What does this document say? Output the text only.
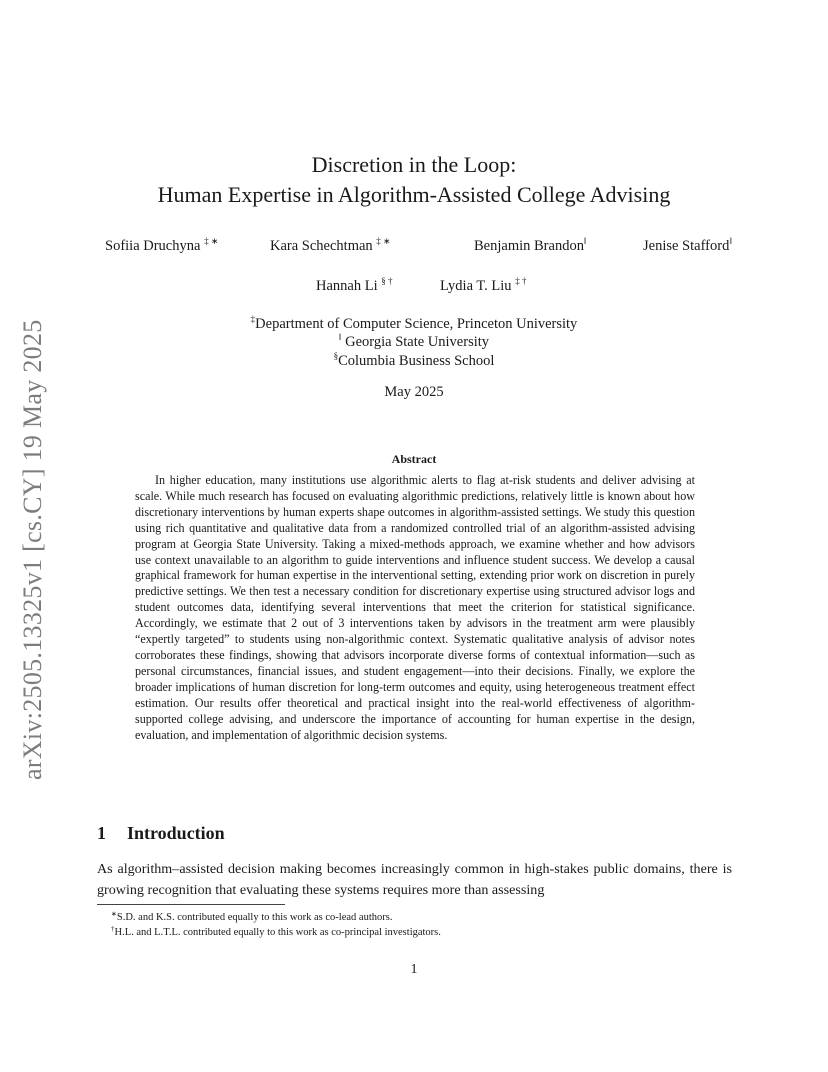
arXiv:2505.13325v1 [cs.CY] 19 May 2025
Discretion in the Loop:
Human Expertise in Algorithm-Assisted College Advising
Sofiia Druchyna ‡ ∗	Kara Schechtman ‡ ∗	Benjamin Brandon‖	Jenise Stafford‖
Hannah Li § †	Lydia T. Liu ‡ †
‡Department of Computer Science, Princeton University
‖ Georgia State University
§Columbia Business School
May 2025
Abstract

In higher education, many institutions use algorithmic alerts to flag at-risk students and deliver advising at scale. While much research has focused on evaluating algorithmic predictions, relatively little is known about how discretionary interventions by human experts shape outcomes in algorithm-assisted settings. We study this question using rich quantitative and qualitative data from a randomized controlled trial of an algorithm-assisted advising program at Georgia State University. Taking a mixed-methods approach, we examine whether and how advisors use context unavailable to an algorithm to guide interventions and influence student success. We develop a causal graphical framework for human expertise in the interventional setting, extending prior work on discretion in purely predictive settings. We then test a necessary condition for discretionary expertise using structured advisor logs and student outcomes data, identifying several interventions that meet the criterion for statistical significance. Accordingly, we estimate that 2 out of 3 interventions taken by advisors in the treatment arm were plausibly “expertly targeted” to students using non-algorithmic context. Systematic qualitative analysis of advisor notes corroborates these findings, showing that advisors incorporate diverse forms of contextual information—such as personal circumstances, financial issues, and student engagement—into their decisions. Finally, we explore the broader implications of human discretion for long-term outcomes and equity, using heterogeneous treatment effect estimation. Our results offer theoretical and practical insight into the real-world effectiveness of algorithm-supported college advising, and underscore the importance of accounting for human expertise in the design, evaluation, and implementation of algorithmic decision systems.

1 Introduction

As algorithm–assisted decision making becomes increasingly common in high-stakes public domains, there is growing recognition that evaluating these systems requires more than assessing

∗S.D. and K.S. contributed equally to this work as co-lead authors.
†H.L. and L.T.L. contributed equally to this work as co-principal investigators.
1
